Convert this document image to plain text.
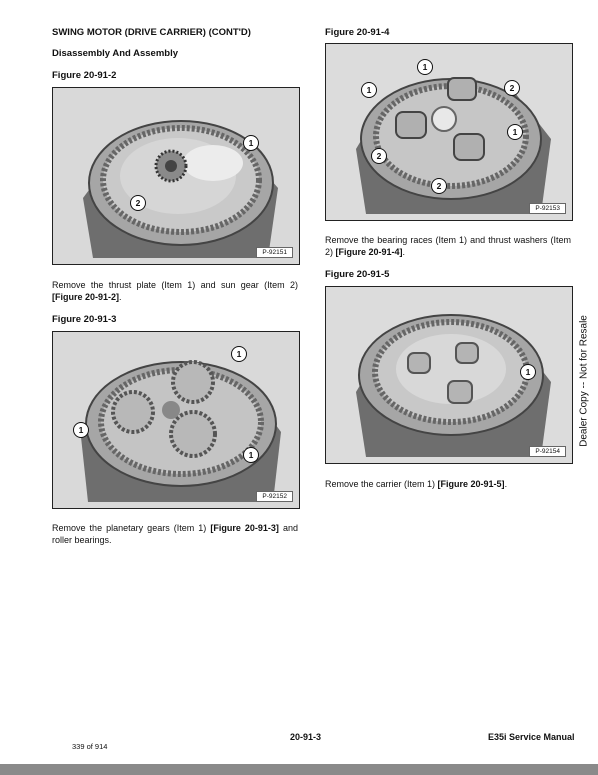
SWING MOTOR (DRIVE CARRIER) (CONT'D)
Disassembly And Assembly
Figure 20-91-2
1
2
P-92151
Remove the thrust plate (Item 1) and sun gear (Item 2) [Figure 20-91-2].
Figure 20-91-3
1
1
1
P-92152
Remove the planetary gears (Item 1) [Figure 20-91-3] and roller bearings.
Figure 20-91-4
1
2
1
1
2
2
P-92153
Remove the bearing races (Item 1) and thrust washers (Item 2) [Figure 20-91-4].
Figure 20-91-5
1
P-92154
Remove the carrier (Item 1) [Figure 20-91-5].
Dealer Copy -- Not for Resale
339 of 914
20-91-3	E35i Service Manual
